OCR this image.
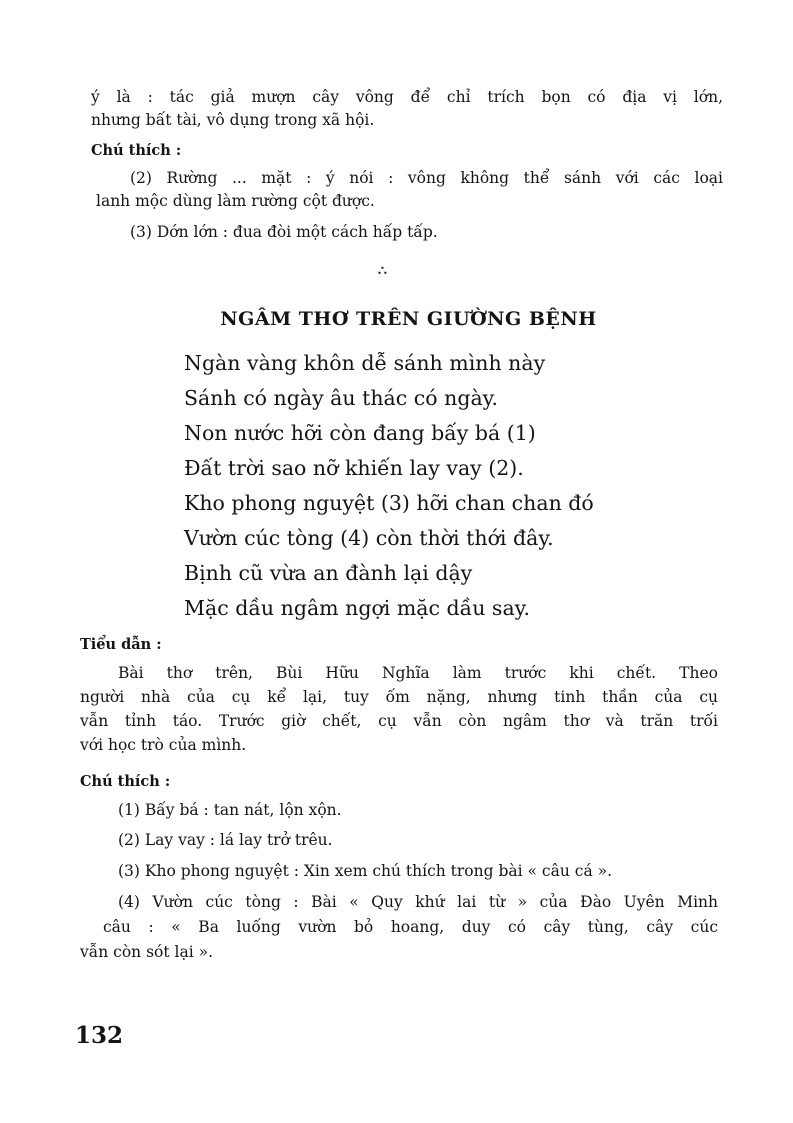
ý là : tác giả mượn cây vông để chỉ trích bọn có địa vị lớn,
nhưng bất tài, vô dụng trong xã hội.
Chú thích :
(2) Rường ... mặt : ý nói : vông không thể sánh với các loại
lanh mộc dùng làm rường cột được.
(3) Dớn lớn : đua đòi một cách hấp tấp.
∴
NGÂM THƠ TRÊN GIƯỜNG BỆNH
Ngàn vàng khôn dễ sánh mình này
Sánh có ngày âu thác có ngày.
Non nước hỡi còn đang bấy bá (1)
Đất trời sao nỡ khiến lay vay (2).
Kho phong nguyệt (3) hỡi chan chan đó
Vườn cúc tòng (4) còn thời thới đây.
Bịnh cũ vừa an đành lại dậy
Mặc dầu ngâm ngợi mặc dầu say.
Tiểu dẫn :
Bài thơ trên, Bùi Hữu Nghĩa làm trước khi chết. Theo
người nhà của cụ kể lại, tuy ốm nặng, nhưng tinh thần của cụ
vẫn tỉnh táo. Trước giờ chết, cụ vẫn còn ngâm thơ và trăn trối
với học trò của mình.
Chú thích :
(1) Bấy bá : tan nát, lộn xộn.
(2) Lay vay : lá lay trở trêu.
(3) Kho phong nguyệt : Xin xem chú thích trong bài « câu cá ».
(4) Vườn cúc tòng : Bài « Quy khứ lai từ » của Đào Uyên Minh
câu : « Ba luống vườn bỏ hoang, duy có cây tùng, cây cúc
vẫn còn sót lại ».
132
